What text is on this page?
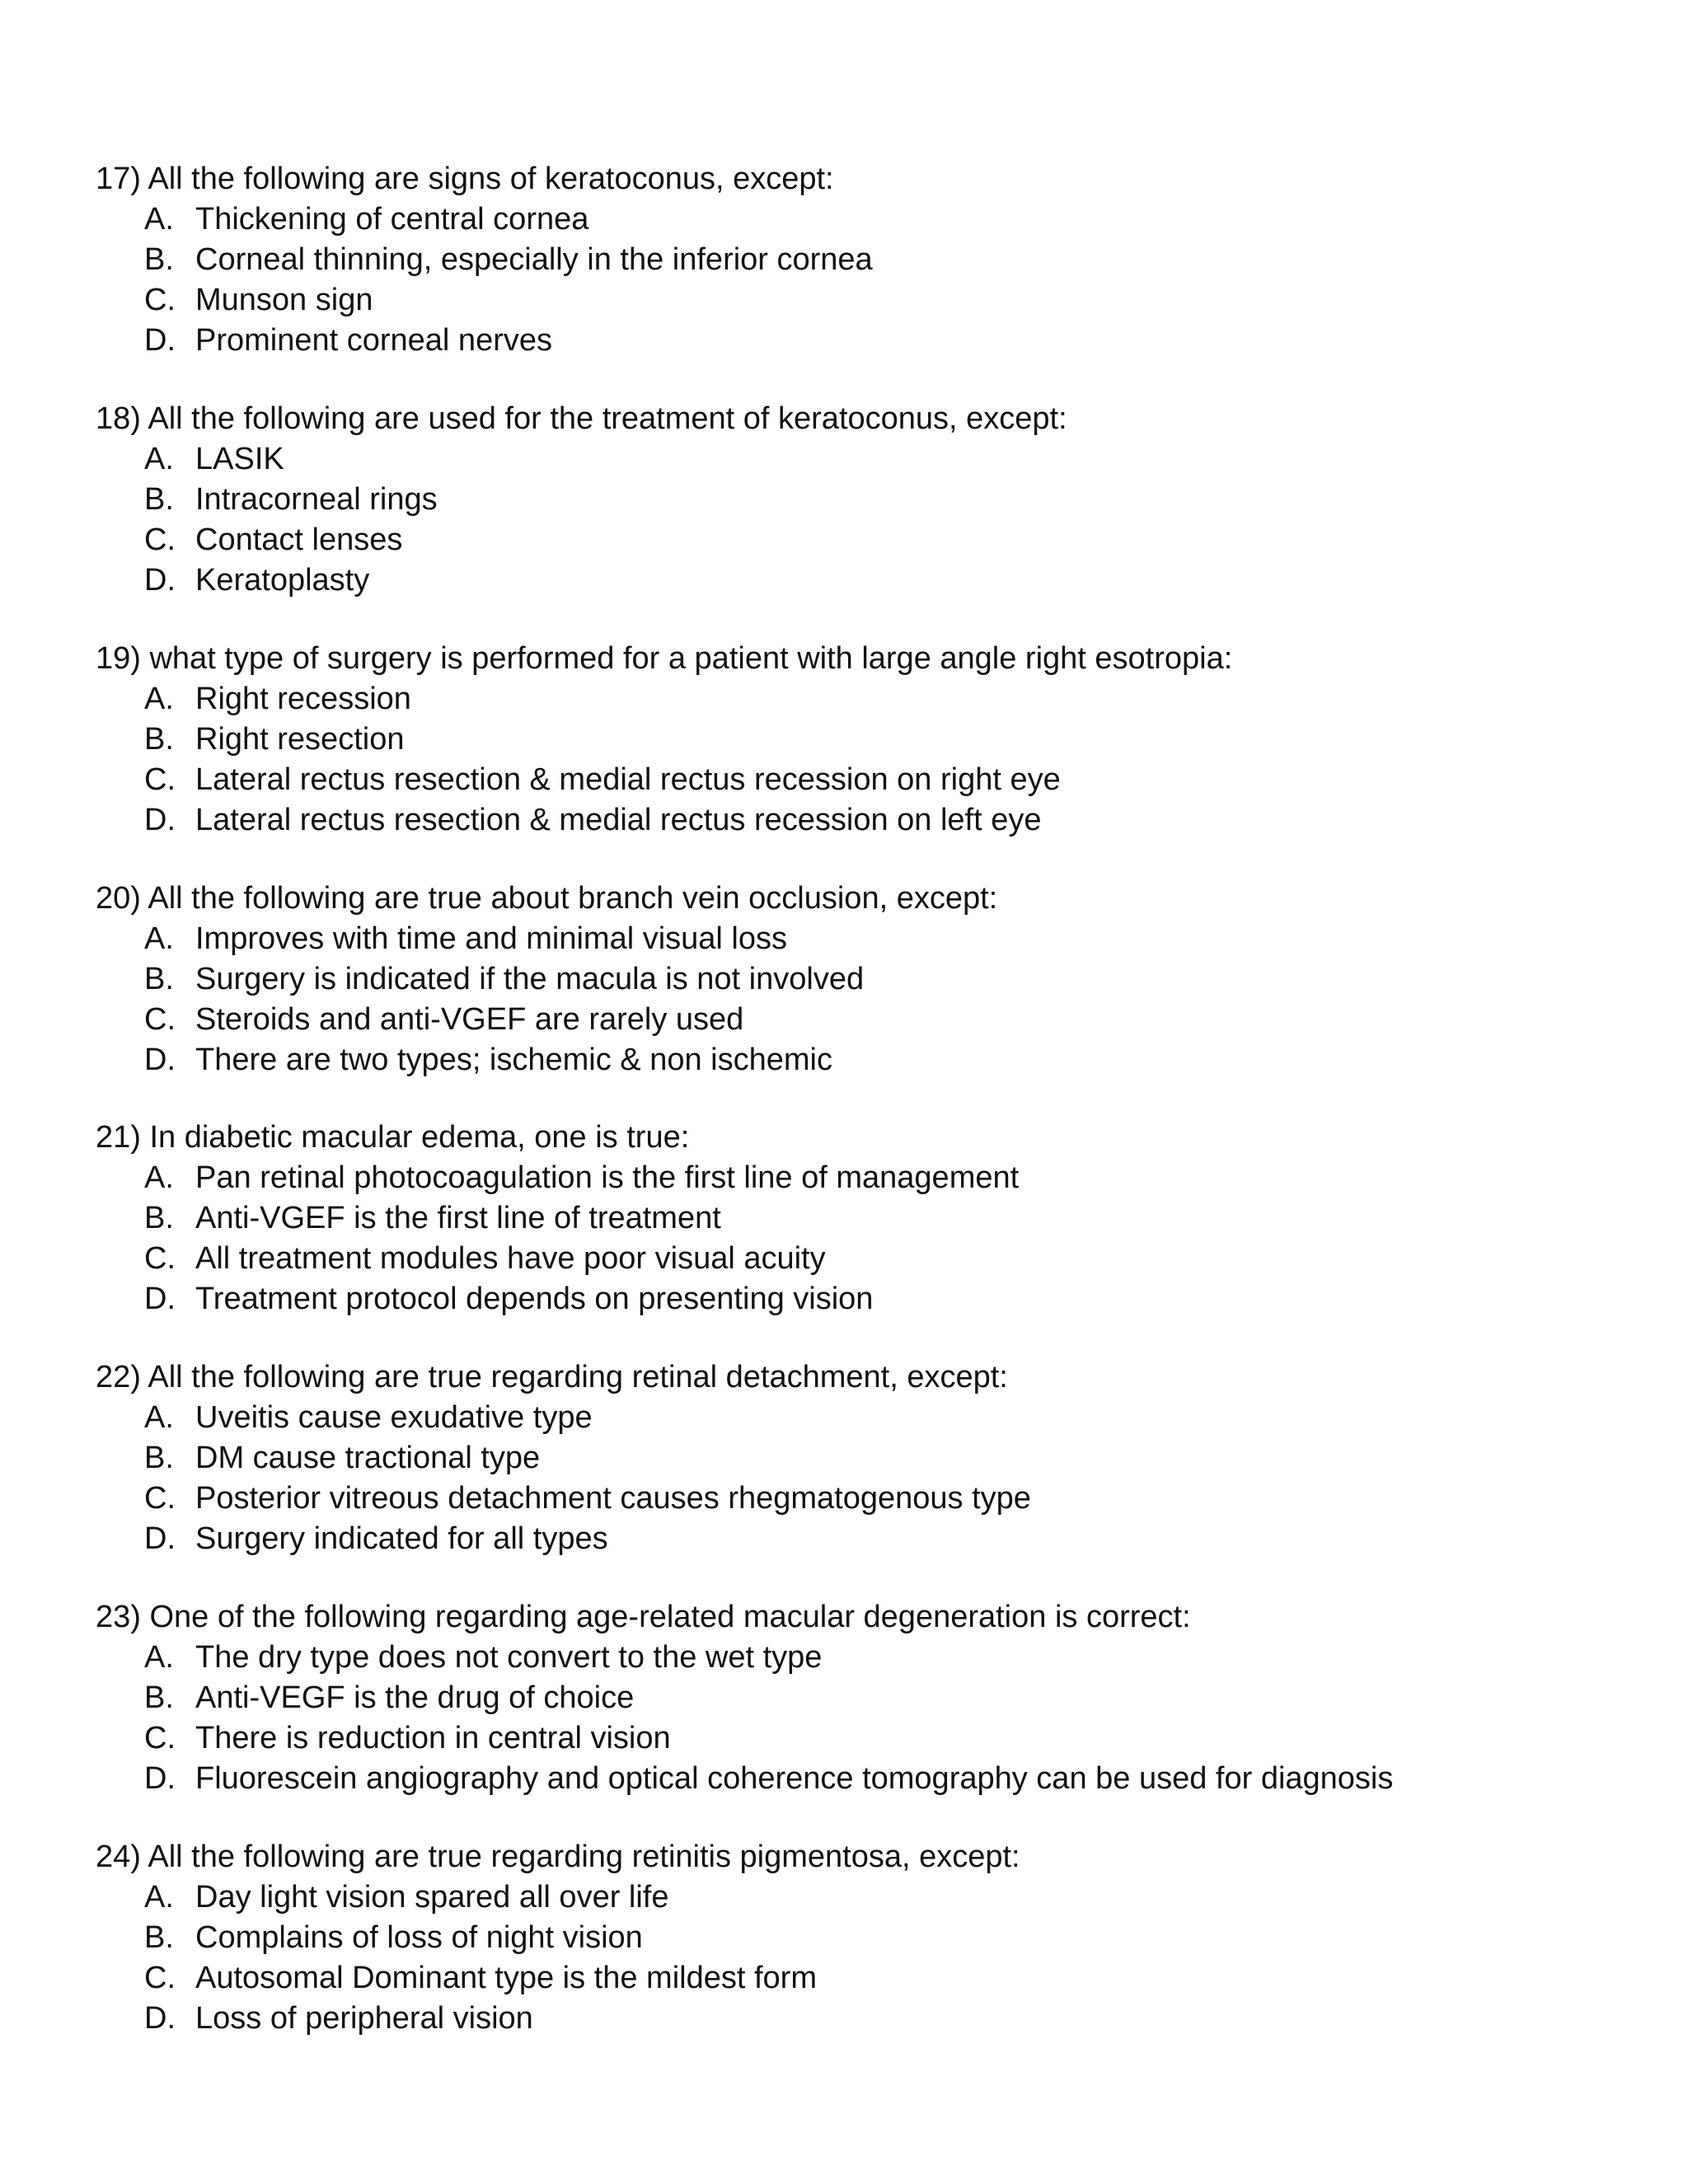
17) All the following are signs of keratoconus, except:

A. Thickening of central cornea
B. Corneal thinning, especially in the inferior cornea
C. Munson sign
D. Prominent corneal nerves

18) All the following are used for the treatment of keratoconus, except:

A. LASIK
B. Intracorneal rings
C. Contact lenses
D. Keratoplasty

19) what type of surgery is performed for a patient with large angle right esotropia:

A. Right recession
B. Right resection
C. Lateral rectus resection & medial rectus recession on right eye
D. Lateral rectus resection & medial rectus recession on left eye

20) All the following are true about branch vein occlusion, except:

A. Improves with time and minimal visual loss
B. Surgery is indicated if the macula is not involved
C. Steroids and anti-VGEF are rarely used
D. There are two types; ischemic & non ischemic

21) In diabetic macular edema, one is true:

A. Pan retinal photocoagulation is the first line of management
B. Anti-VGEF is the first line of treatment
C. All treatment modules have poor visual acuity
D. Treatment protocol depends on presenting vision

22) All the following are true regarding retinal detachment, except:

A. Uveitis cause exudative type
B. DM cause tractional type
C. Posterior vitreous detachment causes rhegmatogenous type
D. Surgery indicated for all types

23) One of the following regarding age-related macular degeneration is correct:

A. The dry type does not convert to the wet type
B. Anti-VEGF is the drug of choice
C. There is reduction in central vision
D. Fluorescein angiography and optical coherence tomography can be used for diagnosis

24) All the following are true regarding retinitis pigmentosa, except:

A. Day light vision spared all over life
B. Complains of loss of night vision
C. Autosomal Dominant type is the mildest form
D. Loss of peripheral vision
